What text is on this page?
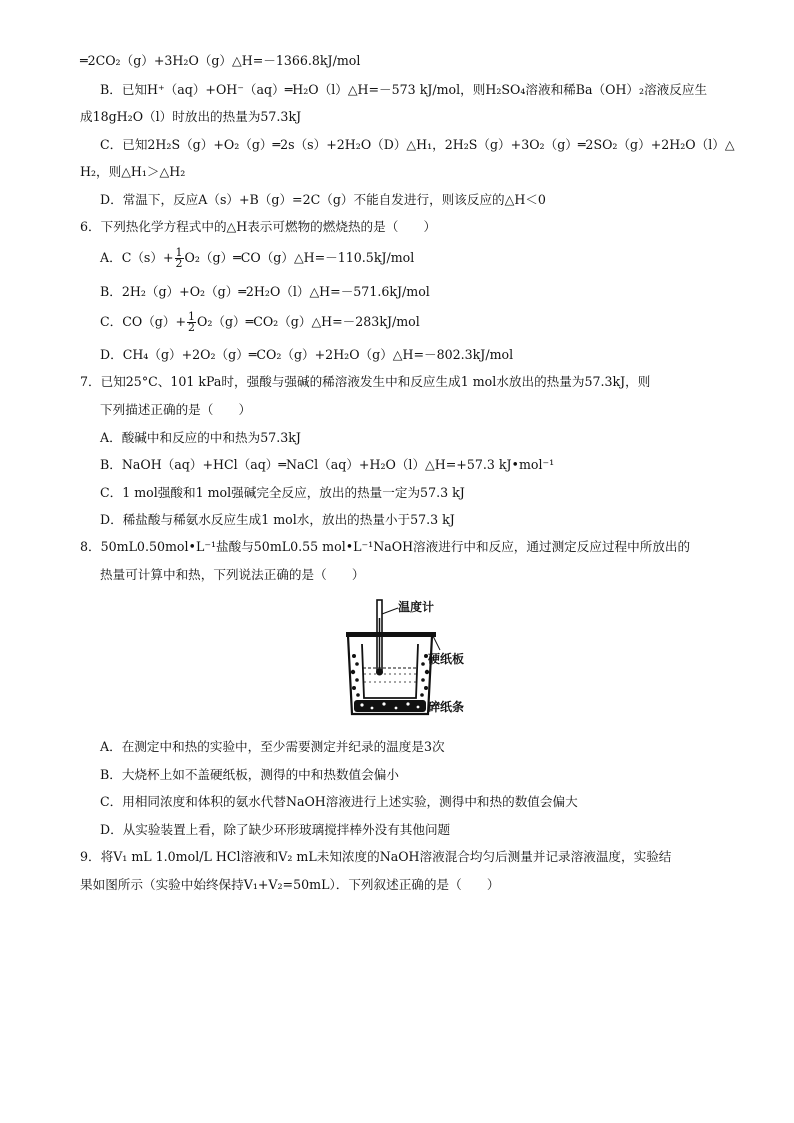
═2CO₂（g）+3H₂O（g）△H=－1366.8kJ/mol
B．已知H⁺（aq）+OH⁻（aq）═H₂O（l）△H=－573 kJ/mol，则H₂SO₄溶液和稀Ba（OH）₂溶液反应生
成18gH₂O（l）时放出的热量为57.3kJ
C．已知2H₂S（g）+O₂（g）═2s（s）+2H₂O（D）△H₁，2H₂S（g）+3O₂（g）═2SO₂（g）+2H₂O（l）△
H₂，则△H₁＞△H₂
D．常温下，反应A（s）+B（g）=2C（g）不能自发进行，则该反应的△H＜0
6．下列热化学方程式中的△H表示可燃物的燃烧热的是（　　）
B．2H₂（g）+O₂（g）═2H₂O（l）△H=－571.6kJ/mol
D．CH₄（g）+2O₂（g）═CO₂（g）+2H₂O（g）△H=－802.3kJ/mol
7．已知25°C、101 kPa时，强酸与强碱的稀溶液发生中和反应生成1 mol水放出的热量为57.3kJ，则
下列描述正确的是（　　）
A．酸碱中和反应的中和热为57.3kJ
B．NaOH（aq）+HCl（aq）═NaCl（aq）+H₂O（l）△H=+57.3 kJ•mol⁻¹
C．1 mol强酸和1 mol强碱完全反应，放出的热量一定为57.3 kJ
D．稀盐酸与稀氨水反应生成1 mol水，放出的热量小于57.3 kJ
8．50mL0.50mol•L⁻¹盐酸与50mL0.55 mol•L⁻¹NaOH溶液进行中和反应，通过测定反应过程中所放出的
热量可计算中和热，下列说法正确的是（　　）
A．在测定中和热的实验中，至少需要测定并纪录的温度是3次
B．大烧杯上如不盖硬纸板，测得的中和热数值会偏小
C．用相同浓度和体积的氨水代替NaOH溶液进行上述实验，测得中和热的数值会偏大
D．从实验装置上看，除了缺少环形玻璃搅拌棒外没有其他问题
9．将V₁ mL 1.0mol/L HCl溶液和V₂ mL未知浓度的NaOH溶液混合均匀后测量并记录溶液温度，实验结
果如图所示（实验中始终保持V₁+V₂=50mL）．下列叙述正确的是（　　）
A．$C(s)+ \frac{1}{2}$ O₂（g）═CO（g）△H=－110.5kJ/mol
C．$CO(g)+ \frac{1}{2}$ O₂（g）═CO₂（g）△H=－283kJ/mol
温度计
硬纸板
碎纸条
